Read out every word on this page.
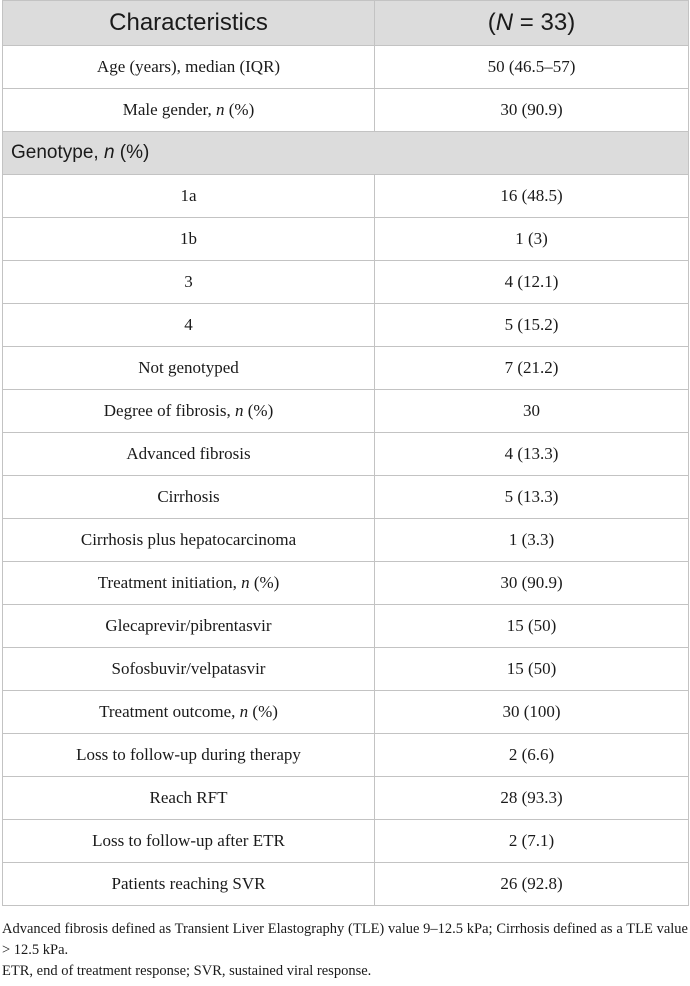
Characteristics	(N = 33)
Age (years), median (IQR)	50 (46.5–57)
Male gender, n (%)	30 (90.9)
Genotype, n (%)	
1a	16 (48.5)
1b	1 (3)
3	4 (12.1)
4	5 (15.2)
Not genotyped	7 (21.2)
Degree of fibrosis, n (%)	30
Advanced fibrosis	4 (13.3)
Cirrhosis	5 (13.3)
Cirrhosis plus hepatocarcinoma	1 (3.3)
Treatment initiation, n (%)	30 (90.9)
Glecaprevir/pibrentasvir	15 (50)
Sofosbuvir/velpatasvir	15 (50)
Treatment outcome, n (%)	30 (100)
Loss to follow-up during therapy	2 (6.6)
Reach RFT	28 (93.3)
Loss to follow-up after ETR	2 (7.1)
Patients reaching SVR	26 (92.8)

Advanced fibrosis defined as Transient Liver Elastography (TLE) value 9–12.5 kPa; Cirrhosis defined as a TLE value > 12.5 kPa.

ETR, end of treatment response; SVR, sustained viral response.
